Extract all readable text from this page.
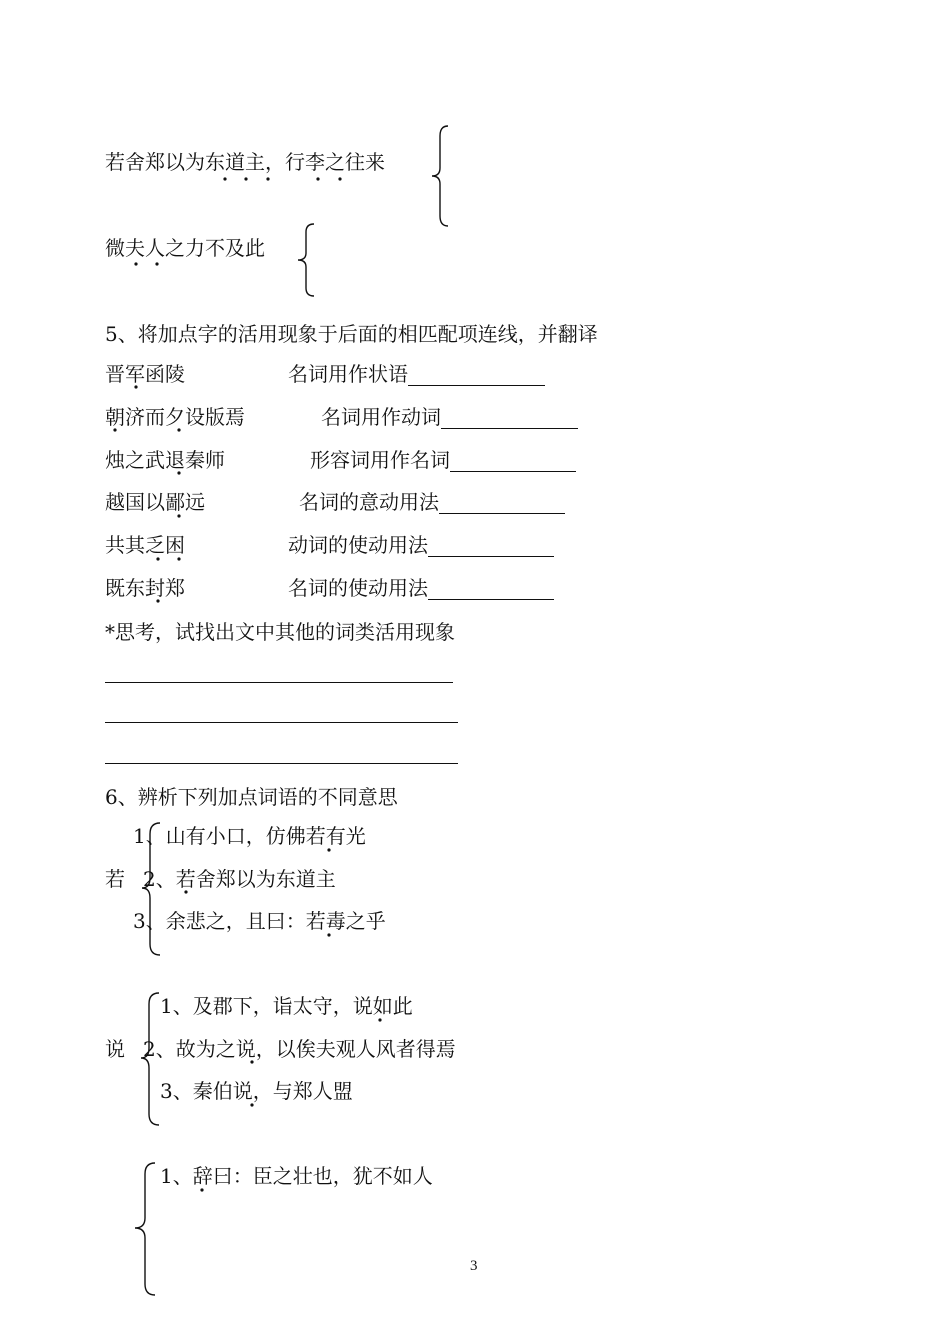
若舍郑以为东道主，行李之往来
微夫人之力不及此
5、将加点字的活用现象于后面的相匹配项连线，并翻译
晋军函陵	名词用作状语
朝济而夕设版焉	名词用作动词
烛之武退秦师	形容词用作名词
越国以鄙远	名词的意动用法
共其乏困	动词的使动用法
既东封郑	名词的使动用法
*思考，试找出文中其他的词类活用现象
6、辨析下列加点词语的不同意思
若
1、山有小口，仿佛若有光
2、若舍郑以为东道主
3、余悲之，且曰：若毒之乎
说
1、及郡下，诣太守，说如此
2、故为之说，以俟夫观人风者得焉
3、秦伯说，与郑人盟
1、辞曰：臣之壮也，犹不如人
3
